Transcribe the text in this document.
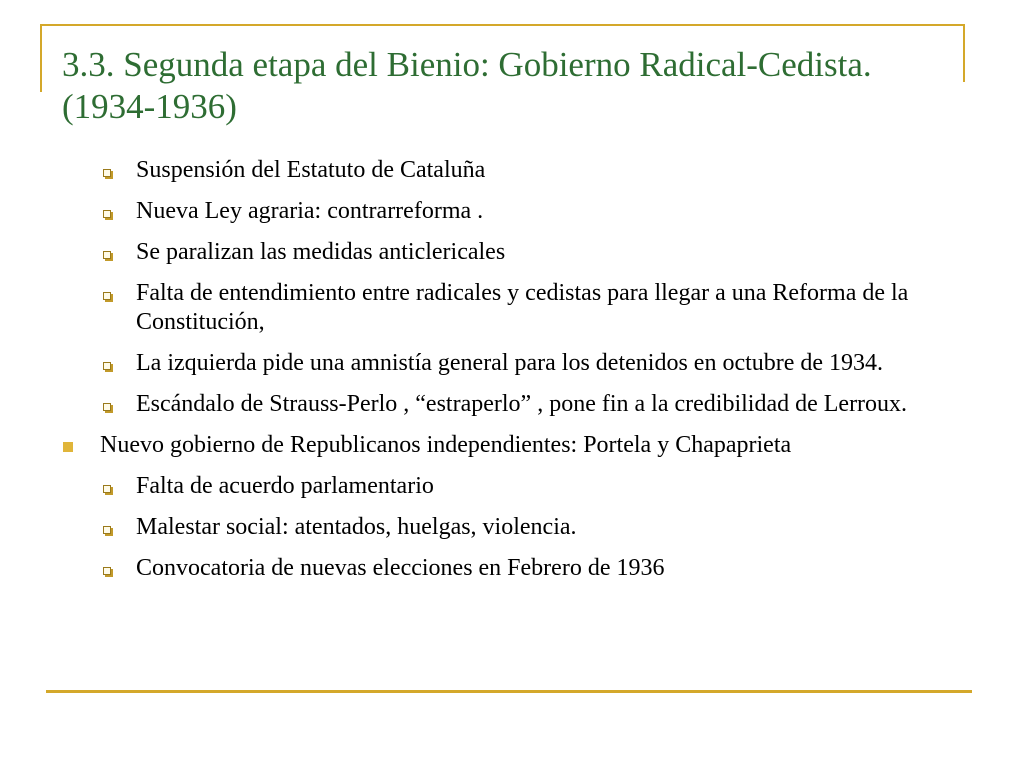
3.3. Segunda etapa del Bienio: Gobierno Radical-Cedista.
(1934-1936)
Suspensión del Estatuto de Cataluña
Nueva Ley agraria: contrarreforma .
Se paralizan las medidas anticlericales
Falta de entendimiento entre radicales y cedistas para llegar a una Reforma de la Constitución,
La izquierda pide una amnistía general para los detenidos en octubre de 1934.
Escándalo de Strauss-Perlo , “estraperlo” , pone fin a la credibilidad de Lerroux.
Nuevo gobierno de Republicanos independientes: Portela y Chapaprieta
Falta de acuerdo parlamentario
Malestar social: atentados, huelgas, violencia.
Convocatoria de nuevas elecciones en Febrero de 1936
